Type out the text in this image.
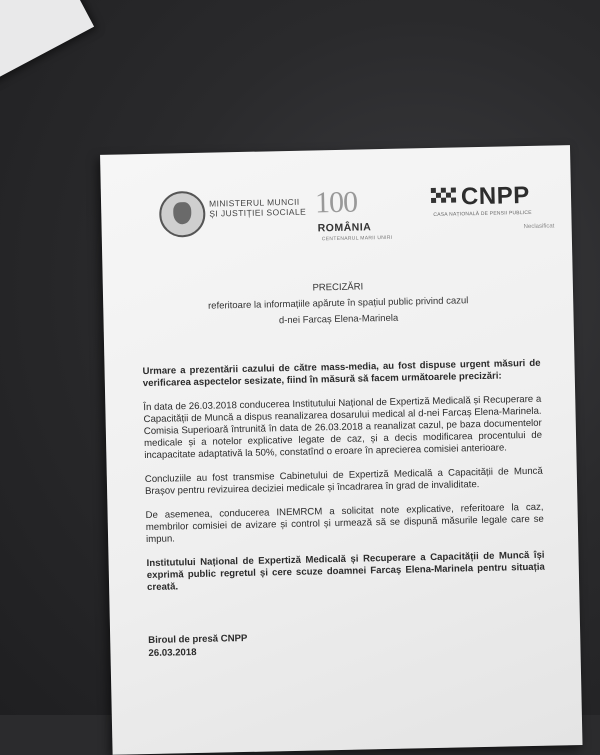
MINISTERUL MUNCII
ȘI JUSTIȚIEI SOCIALE 100
ROMÂNIA
CENTENARUL MARII UNIRI
CNPP
CASA NAȚIONALĂ DE PENSII PUBLICE
Neclasificat
PRECIZĂRI
referitoare la informațiile apărute în spațiul public privind cazul
d-nei Farcaș Elena-Marinela

Urmare a prezentării cazului de către mass-media, au fost dispuse urgent măsuri de verificarea aspectelor sesizate, fiind în măsură să facem următoarele precizări:

În data de 26.03.2018 conducerea Institutului Național de Expertiză Medicală și Recuperare a Capacității de Muncă a dispus reanalizarea dosarului medical al d-nei Farcaș Elena-Marinela. Comisia Superioară întrunită în data de 26.03.2018 a reanalizat cazul, pe baza documentelor medicale și a notelor explicative legate de caz, și a decis modificarea procentului de incapacitate adaptativă la 50%, constatînd o eroare în aprecierea comisiei anterioare.

Concluziile au fost transmise Cabinetului de Expertiză Medicală a Capacității de Muncă Brașov pentru revizuirea deciziei medicale și încadrarea în grad de invaliditate.

De asemenea, conducerea INEMRCM a solicitat note explicative, referitoare la caz, membrilor comisiei de avizare și control și urmează să se dispună măsurile legale care se impun.

Institutului Național de Expertiză Medicală și Recuperare a Capacității de Muncă își exprimă public regretul și cere scuze doamnei Farcaș Elena-Marinela pentru situația creată.

Biroul de presă CNPP
26.03.2018
